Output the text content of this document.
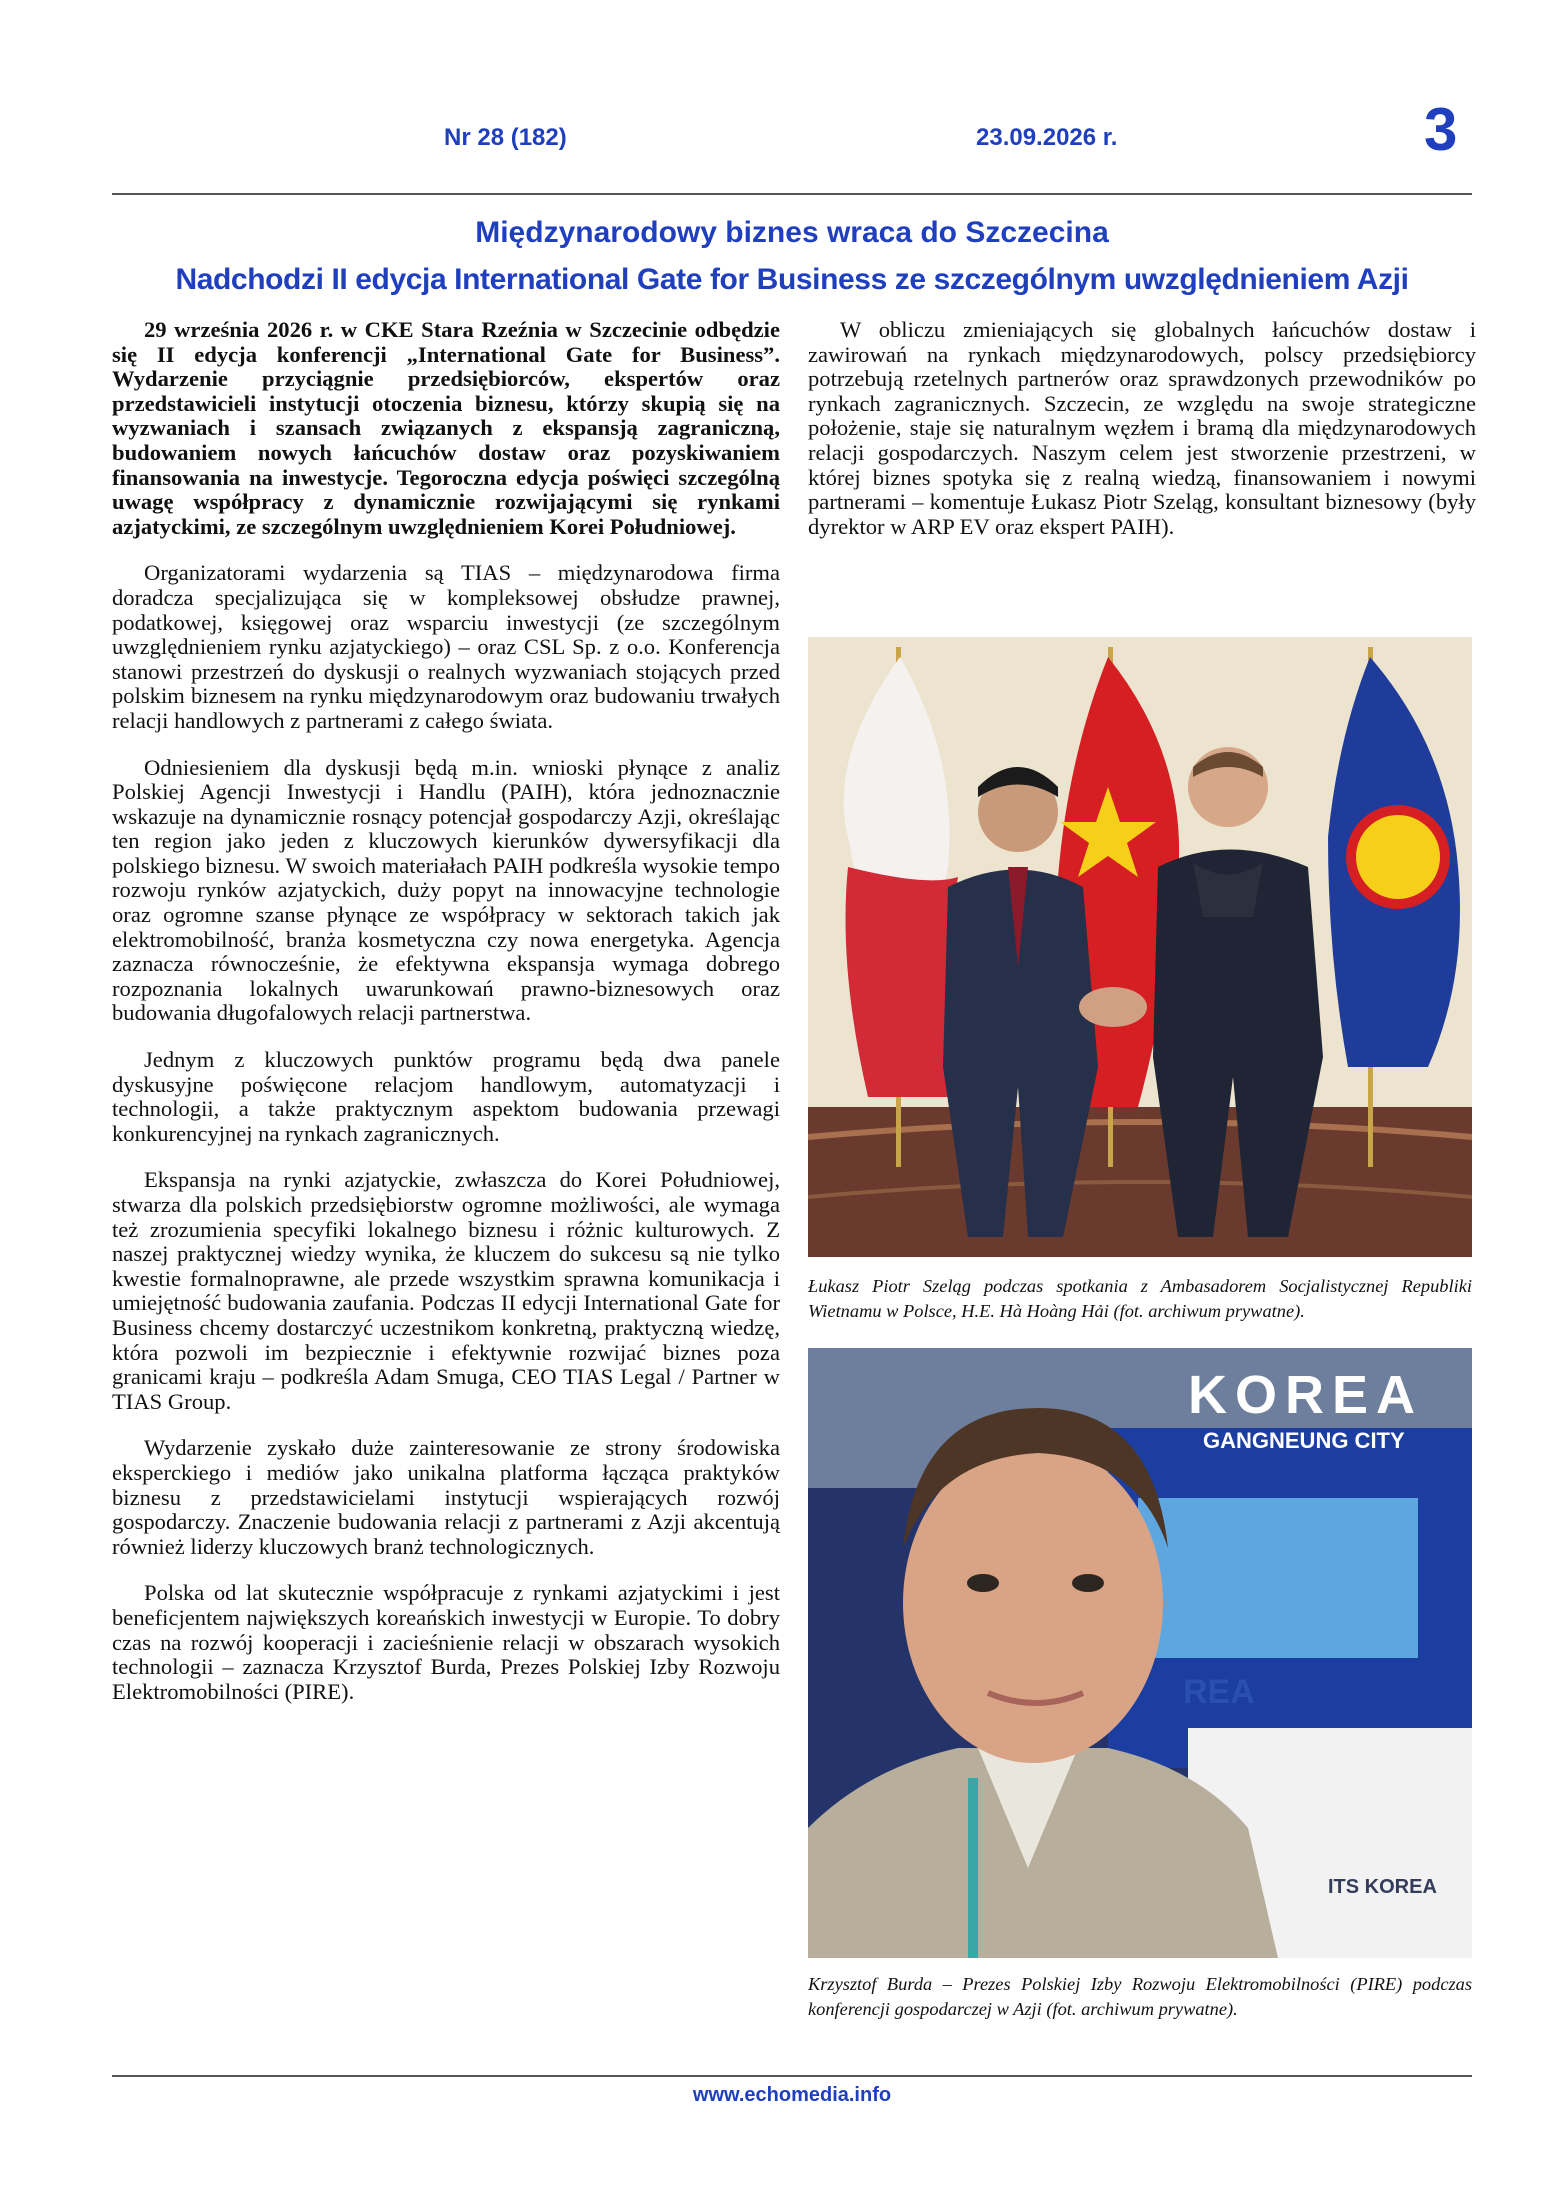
Nr 28 (182)	23.09.2026 r.	3
Międzynarodowy biznes wraca do Szczecina
Nadchodzi II edycja International Gate for Business ze szczególnym uwzględnieniem Azji

29 września 2026 r. w CKE Stara Rzeźnia w Szczecinie odbędzie się II edycja konferencji „International Gate for Business”. Wydarzenie przyciągnie przedsiębiorców, ekspertów oraz przedstawicieli instytucji otoczenia biznesu, którzy skupią się na wyzwaniach i szansach związanych z ekspansją zagraniczną, budowaniem nowych łańcuchów dostaw oraz pozyskiwaniem finansowania na inwestycje. Tegoroczna edycja poświęci szczególną uwagę współpracy z dynamicznie rozwijającymi się rynkami azjatyckimi, ze szczególnym uwzględnieniem Korei Południowej.

Organizatorami wydarzenia są TIAS – międzynarodowa firma doradcza specjalizująca się w kompleksowej obsłudze prawnej, podatkowej, księgowej oraz wsparciu inwestycji (ze szczególnym uwzględnieniem rynku azjatyckiego) – oraz CSL Sp. z o.o. Konferencja stanowi przestrzeń do dyskusji o realnych wyzwaniach stojących przed polskim biznesem na rynku międzynarodowym oraz budowaniu trwałych relacji handlowych z partnerami z całego świata.

Odniesieniem dla dyskusji będą m.in. wnioski płynące z analiz Polskiej Agencji Inwestycji i Handlu (PAIH), która jednoznacznie wskazuje na dynamicznie rosnący potencjał gospodarczy Azji, określając ten region jako jeden z kluczowych kierunków dywersyfikacji dla polskiego biznesu. W swoich materiałach PAIH podkreśla wysokie tempo rozwoju rynków azjatyckich, duży popyt na innowacyjne technologie oraz ogromne szanse płynące ze współpracy w sektorach takich jak elektromobilność, branża kosmetyczna czy nowa energetyka. Agencja zaznacza równocześnie, że efektywna ekspansja wymaga dobrego rozpoznania lokalnych uwarunkowań prawno-biznesowych oraz budowania długofalowych relacji partnerstwa.

Jednym z kluczowych punktów programu będą dwa panele dyskusyjne poświęcone relacjom handlowym, automatyzacji i technologii, a także praktycznym aspektom budowania przewagi konkurencyjnej na rynkach zagranicznych.

Ekspansja na rynki azjatyckie, zwłaszcza do Korei Południowej, stwarza dla polskich przedsiębiorstw ogromne możliwości, ale wymaga też zrozumienia specyfiki lokalnego biznesu i różnic kulturowych. Z naszej praktycznej wiedzy wynika, że kluczem do sukcesu są nie tylko kwestie formalnoprawne, ale przede wszystkim sprawna komunikacja i umiejętność budowania zaufania. Podczas II edycji International Gate for Business chcemy dostarczyć uczestnikom konkretną, praktyczną wiedzę, która pozwoli im bezpiecznie i efektywnie rozwijać biznes poza granicami kraju – podkreśla Adam Smuga, CEO TIAS Legal / Partner w TIAS Group.

Wydarzenie zyskało duże zainteresowanie ze strony środowiska eksperckiego i mediów jako unikalna platforma łącząca praktyków biznesu z przedstawicielami instytucji wspierających rozwój gospodarczy. Znaczenie budowania relacji z partnerami z Azji akcentują również liderzy kluczowych branż technologicznych.

Polska od lat skutecznie współpracuje z rynkami azjatyckimi i jest beneficjentem największych koreańskich inwestycji w Europie. To dobry czas na rozwój kooperacji i zacieśnienie relacji w obszarach wysokich technologii – zaznacza Krzysztof Burda, Prezes Polskiej Izby Rozwoju Elektromobilności (PIRE).

W obliczu zmieniających się globalnych łańcuchów dostaw i zawirowań na rynkach międzynarodowych, polscy przedsiębiorcy potrzebują rzetelnych partnerów oraz sprawdzonych przewodników po rynkach zagranicznych. Szczecin, ze względu na swoje strategiczne położenie, staje się naturalnym węzłem i bramą dla międzynarodowych relacji gospodarczych. Naszym celem jest stworzenie przestrzeni, w której biznes spotyka się z realną wiedzą, finansowaniem i nowymi partnerami – komentuje Łukasz Piotr Szeląg, konsultant biznesowy (były dyrektor w ARP EV oraz ekspert PAIH).

Łukasz Piotr Szeląg podczas spotkania z Ambasadorem Socjalistycznej Republiki Wietnamu w Polsce, H.E. Hà Hoàng Hải (fot. archiwum prywatne).
KOREA
GANGNEUNG CITY
REA
ITS KOREA
Krzysztof Burda – Prezes Polskiej Izby Rozwoju Elektromobilności (PIRE) podczas konferencji gospodarczej w Azji (fot. archiwum prywatne).
www.echomedia.info
